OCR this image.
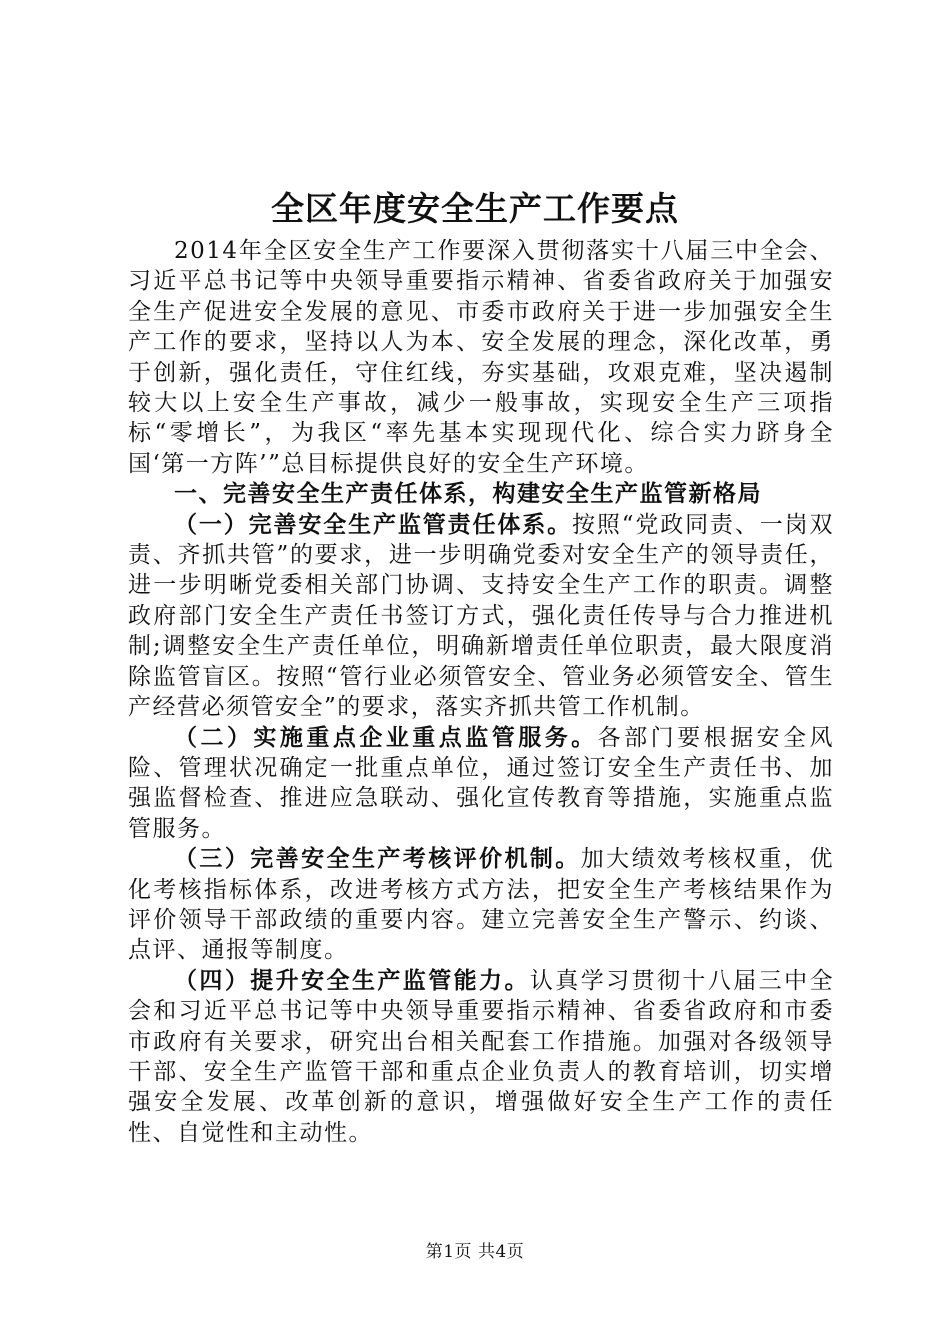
全区年度安全生产工作要点

2014年全区安全生产工作要深入贯彻落实十八届三中全会、习近平总书记等中央领导重要指示精神、省委省政府关于加强安全生产促进安全发展的意见、市委市政府关于进一步加强安全生产工作的要求，坚持以人为本、安全发展的理念，深化改革，勇于创新，强化责任，守住红线，夯实基础，攻艰克难，坚决遏制较大以上安全生产事故，减少一般事故，实现安全生产三项指标“零增长”，为我区“率先基本实现现代化、综合实力跻身全国‘第一方阵’”总目标提供良好的安全生产环境。

一、完善安全生产责任体系，构建安全生产监管新格局

（一）完善安全生产监管责任体系。按照“党政同责、一岗双责、齐抓共管”的要求，进一步明确党委对安全生产的领导责任，进一步明晰党委相关部门协调、支持安全生产工作的职责。调整政府部门安全生产责任书签订方式，强化责任传导与合力推进机制;调整安全生产责任单位，明确新增责任单位职责，最大限度消除监管盲区。按照“管行业必须管安全、管业务必须管安全、管生产经营必须管安全”的要求，落实齐抓共管工作机制。

（二）实施重点企业重点监管服务。各部门要根据安全风险、管理状况确定一批重点单位，通过签订安全生产责任书、加强监督检查、推进应急联动、强化宣传教育等措施，实施重点监管服务。

（三）完善安全生产考核评价机制。加大绩效考核权重，优化考核指标体系，改进考核方式方法，把安全生产考核结果作为评价领导干部政绩的重要内容。建立完善安全生产警示、约谈、点评、通报等制度。

（四）提升安全生产监管能力。认真学习贯彻十八届三中全会和习近平总书记等中央领导重要指示精神、省委省政府和市委市政府有关要求，研究出台相关配套工作措施。加强对各级领导干部、安全生产监管干部和重点企业负责人的教育培训，切实增强安全发展、改革创新的意识，增强做好安全生产工作的责任性、自觉性和主动性。

第1页 共4页
